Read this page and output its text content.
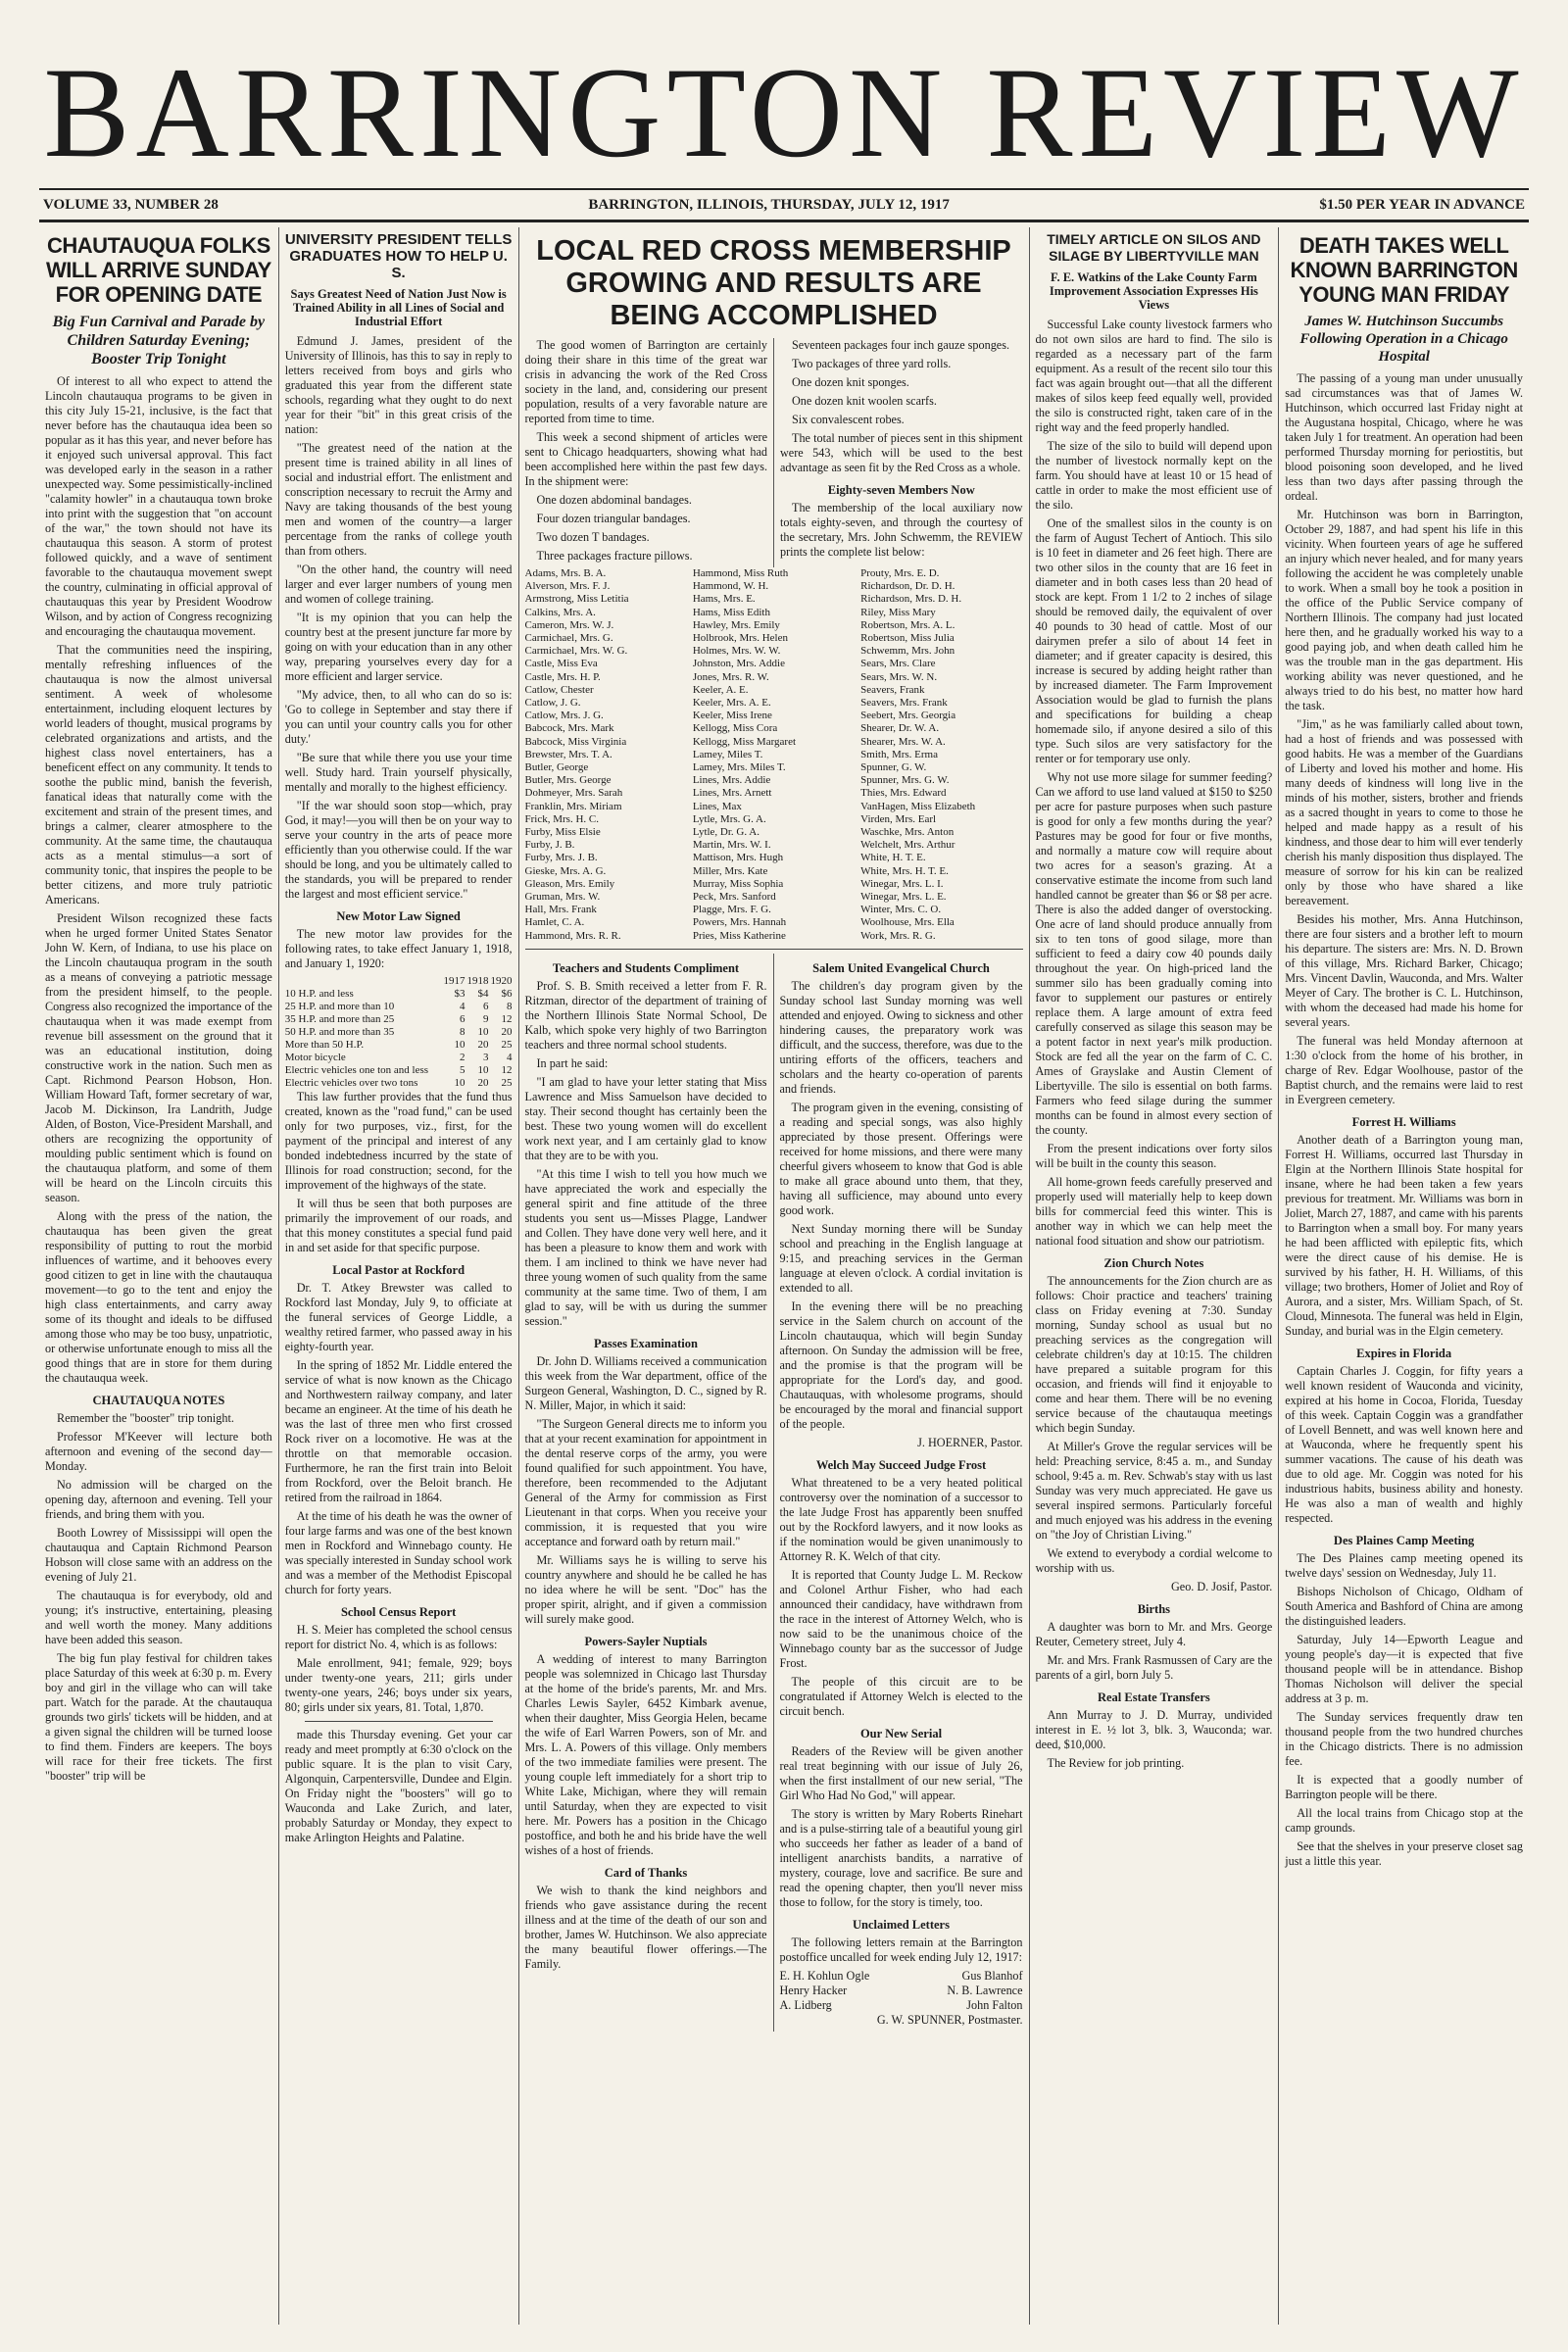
BARRINGTON REVIEW
VOLUME 33, NUMBER 28	BARRINGTON, ILLINOIS, THURSDAY, JULY 12, 1917	$1.50 PER YEAR IN ADVANCE
CHAUTAUQUA FOLKS WILL ARRIVE SUNDAY FOR OPENING DATE
Big Fun Carnival and Parade by Children Saturday Evening; Booster Trip Tonight

Of interest to all who expect to attend the Lincoln chautauqua programs to be given in this city July 15-21, inclusive, is the fact that never before has the chautauqua idea been so popular as it has this year, and never before has it enjoyed such universal approval. This fact was developed early in the season in a rather unexpected way. Some pessimistically-inclined "calamity howler" in a chautauqua town broke into print with the suggestion that "on account of the war," the town should not have its chautauqua this season. A storm of protest followed quickly, and a wave of sentiment favorable to the chautauqua movement swept the country, culminating in official approval of chautauquas this year by President Woodrow Wilson, and by action of Congress recognizing and encouraging the chautauqua movement.

That the communities need the inspiring, mentally refreshing influences of the chautauqua is now the almost universal sentiment. A week of wholesome entertainment, including eloquent lectures by world leaders of thought, musical programs by celebrated organizations and artists, and the highest class novel entertainers, has a beneficent effect on any community. It tends to soothe the public mind, banish the feverish, fanatical ideas that naturally come with the excitement and strain of the present times, and brings a calmer, clearer atmosphere to the community. At the same time, the chautauqua acts as a mental stimulus—a sort of community tonic, that inspires the people to be better citizens, and more truly patriotic Americans.

President Wilson recognized these facts when he urged former United States Senator John W. Kern, of Indiana, to use his place on the Lincoln chautauqua program in the south as a means of conveying a patriotic message from the president himself, to the people. Congress also recognized the importance of the chautauqua when it was made exempt from revenue bill assessment on the ground that it was an educational institution, doing constructive work in the nation. Such men as Capt. Richmond Pearson Hobson, Hon. William Howard Taft, former secretary of war, Jacob M. Dickinson, Ira Landrith, Judge Alden, of Boston, Vice-President Marshall, and others are recognizing the opportunity of moulding public sentiment which is found on the chautauqua platform, and some of them will be heard on the Lincoln circuits this season.

Along with the press of the nation, the chautauqua has been given the great responsibility of putting to rout the morbid influences of wartime, and it behooves every good citizen to get in line with the chautauqua movement—to go to the tent and enjoy the high class entertainments, and carry away some of its thought and ideals to be diffused among those who may be too busy, unpatriotic, or otherwise unfortunate enough to miss all the good things that are in store for them during the chautauqua week.

CHAUTAUQUA NOTES

Remember the "booster" trip tonight.

Professor M'Keever will lecture both afternoon and evening of the second day—Monday.

No admission will be charged on the opening day, afternoon and evening. Tell your friends, and bring them with you.

Booth Lowrey of Mississippi will open the chautauqua and Captain Richmond Pearson Hobson will close same with an address on the evening of July 21.

The chautauqua is for everybody, old and young; it's instructive, entertaining, pleasing and well worth the money. Many additions have been added this season.

The big fun play festival for children takes place Saturday of this week at 6:30 p. m. Every boy and girl in the village who can will take part. Watch for the parade. At the chautauqua grounds two girls' tickets will be hidden, and at a given signal the children will be turned loose to find them. Finders are keepers. The boys will race for their free tickets. The first "booster" trip will be

UNIVERSITY PRESIDENT TELLS GRADUATES HOW TO HELP U. S.
Says Greatest Need of Nation Just Now is Trained Ability in all Lines of Social and Industrial Effort

Edmund J. James, president of the University of Illinois, has this to say in reply to letters received from boys and girls who graduated this year from the different state schools, regarding what they ought to do next year for their "bit" in this great crisis of the nation:

"The greatest need of the nation at the present time is trained ability in all lines of social and industrial effort. The enlistment and conscription necessary to recruit the Army and Navy are taking thousands of the best young men and women of the country—a larger percentage from the ranks of college youth than from others.

"On the other hand, the country will need larger and ever larger numbers of young men and women of college training.

"It is my opinion that you can help the country best at the present juncture far more by going on with your education than in any other way, preparing yourselves every day for a more efficient and larger service.

"My advice, then, to all who can do so is: 'Go to college in September and stay there if you can until your country calls you for other duty.'

"Be sure that while there you use your time well. Study hard. Train yourself physically, mentally and morally to the highest efficiency.

"If the war should soon stop—which, pray God, it may!—you will then be on your way to serve your country in the arts of peace more efficiently than you otherwise could. If the war should be long, and you be ultimately called to the standards, you will be prepared to render the largest and most efficient service."

New Motor Law Signed

The new motor law provides for the following rates, to take effect January 1, 1918, and January 1, 1920:

	1917	1918	1920
10 H.P. and less	$3	$4	$6
25 H.P. and more than 10	4	6	8
35 H.P. and more than 25	6	9	12
50 H.P. and more than 35	8	10	20
More than 50 H.P.	10	20	25
Motor bicycle	2	3	4
Electric vehicles one ton and less	5	10	12
Electric vehicles over two tons	10	20	25

This law further provides that the fund thus created, known as the "road fund," can be used only for two purposes, viz., first, for the payment of the principal and interest of any bonded indebtedness incurred by the state of Illinois for road construction; second, for the improvement of the highways of the state.

It will thus be seen that both purposes are primarily the improvement of our roads, and that this money constitutes a special fund paid in and set aside for that specific purpose.

Local Pastor at Rockford

Dr. T. Atkey Brewster was called to Rockford last Monday, July 9, to officiate at the funeral services of George Liddle, a wealthy retired farmer, who passed away in his eighty-fourth year.

In the spring of 1852 Mr. Liddle entered the service of what is now known as the Chicago and Northwestern railway company, and later became an engineer. At the time of his death he was the last of three men who first crossed Rock river on a locomotive. He was at the throttle on that memorable occasion. Furthermore, he ran the first train into Beloit from Rockford, over the Beloit branch. He retired from the railroad in 1864.

At the time of his death he was the owner of four large farms and was one of the best known men in Rockford and Winnebago county. He was specially interested in Sunday school work and was a member of the Methodist Episcopal church for forty years.

School Census Report

H. S. Meier has completed the school census report for district No. 4, which is as follows:

Male enrollment, 941; female, 929; boys under twenty-one years, 211; girls under twenty-one years, 246; boys under six years, 80; girls under six years, 81. Total, 1,870.

made this Thursday evening. Get your car ready and meet promptly at 6:30 o'clock on the public square. It is the plan to visit Cary, Algonquin, Carpentersville, Dundee and Elgin. On Friday night the "boosters" will go to Wauconda and Lake Zurich, and later, probably Saturday or Monday, they expect to make Arlington Heights and Palatine.

LOCAL RED CROSS MEMBERSHIP GROWING AND RESULTS ARE BEING ACCOMPLISHED

The good women of Barrington are certainly doing their share in this time of the great war crisis in advancing the work of the Red Cross society in the land, and, considering our present population, results of a very favorable nature are reported from time to time.

This week a second shipment of articles were sent to Chicago headquarters, showing what had been accomplished here within the past few days. In the shipment were:

One dozen abdominal bandages.

Four dozen triangular bandages.

Two dozen T bandages.

Three packages fracture pillows.

Seventeen packages four inch gauze sponges.

Two packages of three yard rolls.

One dozen knit sponges.

One dozen knit woolen scarfs.

Six convalescent robes.

The total number of pieces sent in this shipment were 543, which will be used to the best advantage as seen fit by the Red Cross as a whole.

Eighty-seven Members Now

The membership of the local auxiliary now totals eighty-seven, and through the courtesy of the secretary, Mrs. John Schwemm, the REVIEW prints the complete list below:

Adams, Mrs. B. A.
Alverson, Mrs. F. J.
Armstrong, Miss Letitia
Calkins, Mrs. A.
Cameron, Mrs. W. J.
Carmichael, Mrs. G.
Carmichael, Mrs. W. G.
Castle, Miss Eva
Castle, Mrs. H. P.
Catlow, Chester
Catlow, J. G.
Catlow, Mrs. J. G.
Babcock, Mrs. Mark
Babcock, Miss Virginia
Brewster, Mrs. T. A.
Butler, George
Butler, Mrs. George
Dohmeyer, Mrs. Sarah
Franklin, Mrs. Miriam
Frick, Mrs. H. C.
Furby, Miss Elsie
Furby, J. B.
Furby, Mrs. J. B.
Gieske, Mrs. A. G.
Gleason, Mrs. Emily
Gruman, Mrs. W.
Hall, Mrs. Frank
Hamlet, C. A.
Hammond, Mrs. R. R.
Hammond, Miss Ruth
Hammond, W. H.
Hams, Mrs. E.
Hams, Miss Edith
Hawley, Mrs. Emily
Holbrook, Mrs. Helen
Holmes, Mrs. W. W.
Johnston, Mrs. Addie
Jones, Mrs. R. W.
Keeler, A. E.
Keeler, Mrs. A. E.
Keeler, Miss Irene
Kellogg, Miss Cora
Kellogg, Miss Margaret
Lamey, Miles T.
Lamey, Mrs. Miles T.
Lines, Mrs. Addie
Lines, Mrs. Arnett
Lines, Max
Lytle, Mrs. G. A.
Lytle, Dr. G. A.
Martin, Mrs. W. I.
Mattison, Mrs. Hugh
Miller, Mrs. Kate
Murray, Miss Sophia
Peck, Mrs. Sanford
Plagge, Mrs. F. G.
Powers, Mrs. Hannah
Pries, Miss Katherine
Prouty, Mrs. E. D.
Richardson, Dr. D. H.
Richardson, Mrs. D. H.
Riley, Miss Mary
Robertson, Mrs. A. L.
Robertson, Miss Julia
Schwemm, Mrs. John
Sears, Mrs. Clare
Sears, Mrs. W. N.
Seavers, Frank
Seavers, Mrs. Frank
Seebert, Mrs. Georgia
Shearer, Dr. W. A.
Shearer, Mrs. W. A.
Smith, Mrs. Erma
Spunner, G. W.
Spunner, Mrs. G. W.
Thies, Mrs. Edward
VanHagen, Miss Elizabeth
Virden, Mrs. Earl
Waschke, Mrs. Anton
Welchelt, Mrs. Arthur
White, H. T. E.
White, Mrs. H. T. E.
Winegar, Mrs. L. I.
Winegar, Mrs. L. E.
Winter, Mrs. C. O.
Woolhouse, Mrs. Ella
Work, Mrs. R. G.
Teachers and Students Compliment

Prof. S. B. Smith received a letter from F. R. Ritzman, director of the department of training of the Northern Illinois State Normal School, De Kalb, which spoke very highly of two Barrington teachers and three normal school students.

In part he said:

"I am glad to have your letter stating that Miss Lawrence and Miss Samuelson have decided to stay. Their second thought has certainly been the best. These two young women will do excellent work next year, and I am certainly glad to know that they are to be with you.

"At this time I wish to tell you how much we have appreciated the work and especially the general spirit and fine attitude of the three students you sent us—Misses Plagge, Landwer and Collen. They have done very well here, and it has been a pleasure to know them and work with them. I am inclined to think we have never had three young women of such quality from the same community at the same time. Two of them, I am glad to say, will be with us during the summer session."

Passes Examination

Dr. John D. Williams received a communication this week from the War department, office of the Surgeon General, Washington, D. C., signed by R. N. Miller, Major, in which it said:

"The Surgeon General directs me to inform you that at your recent examination for appointment in the dental reserve corps of the army, you were found qualified for such appointment. You have, therefore, been recommended to the Adjutant General of the Army for commission as First Lieutenant in that corps. When you receive your commission, it is requested that you wire acceptance and forward oath by return mail."

Mr. Williams says he is willing to serve his country anywhere and should he be called he has no idea where he will be sent. "Doc" has the proper spirit, alright, and if given a commission will surely make good.

Powers-Sayler Nuptials

A wedding of interest to many Barrington people was solemnized in Chicago last Thursday at the home of the bride's parents, Mr. and Mrs. Charles Lewis Sayler, 6452 Kimbark avenue, when their daughter, Miss Georgia Helen, became the wife of Earl Warren Powers, son of Mr. and Mrs. L. A. Powers of this village. Only members of the two immediate families were present. The young couple left immediately for a short trip to White Lake, Michigan, where they will remain until Saturday, when they are expected to visit here. Mr. Powers has a position in the Chicago postoffice, and both he and his bride have the well wishes of a host of friends.

Card of Thanks

We wish to thank the kind neighbors and friends who gave assistance during the recent illness and at the time of the death of our son and brother, James W. Hutchinson. We also appreciate the many beautiful flower offerings.—The Family.

Salem United Evangelical Church

The children's day program given by the Sunday school last Sunday morning was well attended and enjoyed. Owing to sickness and other hindering causes, the preparatory work was difficult, and the success, therefore, was due to the untiring efforts of the officers, teachers and scholars and the hearty co-operation of parents and friends.

The program given in the evening, consisting of a reading and special songs, was also highly appreciated by those present. Offerings were received for home missions, and there were many cheerful givers whoseem to know that God is able to make all grace abound unto them, that they, having all sufficience, may abound unto every good work.

Next Sunday morning there will be Sunday school and preaching in the English language at 9:15, and preaching services in the German language at eleven o'clock. A cordial invitation is extended to all.

In the evening there will be no preaching service in the Salem church on account of the Lincoln chautauqua, which will begin Sunday afternoon. On Sunday the admission will be free, and the promise is that the program will be appropriate for the Lord's day, and good. Chautauquas, with wholesome programs, should be encouraged by the moral and financial support of the people.

J. HOERNER, Pastor.

Welch May Succeed Judge Frost

What threatened to be a very heated political controversy over the nomination of a successor to the late Judge Frost has apparently been snuffed out by the Rockford lawyers, and it now looks as if the nomination would be given unanimously to Attorney R. K. Welch of that city.

It is reported that County Judge L. M. Reckow and Colonel Arthur Fisher, who had each announced their candidacy, have withdrawn from the race in the interest of Attorney Welch, who is now said to be the unanimous choice of the Winnebago county bar as the successor of Judge Frost.

The people of this circuit are to be congratulated if Attorney Welch is elected to the circuit bench.

Our New Serial

Readers of the Review will be given another real treat beginning with our issue of July 26, when the first installment of our new serial, "The Girl Who Had No God," will appear.

The story is written by Mary Roberts Rinehart and is a pulse-stirring tale of a beautiful young girl who succeeds her father as leader of a band of intelligent anarchists bandits, a narrative of mystery, courage, love and sacrifice. Be sure and read the opening chapter, then you'll never miss those to follow, for the story is timely, too.

Unclaimed Letters

The following letters remain at the Barrington postoffice uncalled for week ending July 12, 1917:

E. H. Kohlun Ogle	Gus Blanhof
Henry Hacker	N. B. Lawrence
A. Lidberg	John Falton

G. W. SPUNNER, Postmaster.

TIMELY ARTICLE ON SILOS AND SILAGE BY LIBERTYVILLE MAN
F. E. Watkins of the Lake County Farm Improvement Association Expresses His Views

Successful Lake county livestock farmers who do not own silos are hard to find. The silo is regarded as a necessary part of the farm equipment. As a result of the recent silo tour this fact was again brought out—that all the different makes of silos keep feed equally well, provided the silo is constructed right, taken care of in the right way and the feed properly handled.

The size of the silo to build will depend upon the number of livestock normally kept on the farm. You should have at least 10 or 15 head of cattle in order to make the most efficient use of the silo.

One of the smallest silos in the county is on the farm of August Techert of Antioch. This silo is 10 feet in diameter and 26 feet high. There are two other silos in the county that are 16 feet in diameter and in both cases less than 20 head of stock are kept. From 1 1/2 to 2 inches of silage should be removed daily, the equivalent of over 40 pounds to 30 head of cattle. Most of our dairymen prefer a silo of about 14 feet in diameter; and if greater capacity is desired, this increase is secured by adding height rather than by increased diameter. The Farm Improvement Association would be glad to furnish the plans and specifications for building a cheap homemade silo, if anyone desired a silo of this type. Such silos are very satisfactory for the renter or for temporary use only.

Why not use more silage for summer feeding? Can we afford to use land valued at $150 to $250 per acre for pasture purposes when such pasture is good for only a few months during the year? Pastures may be good for four or five months, and normally a mature cow will require about two acres for a season's grazing. At a conservative estimate the income from such land handled cannot be greater than $6 or $8 per acre. There is also the added danger of overstocking. One acre of land should produce annually from six to ten tons of good silage, more than sufficient to feed a dairy cow 40 pounds daily throughout the year. On high-priced land the summer silo has been gradually coming into favor to supplement our pastures or entirely replace them. A large amount of extra feed carefully conserved as silage this season may be a potent factor in next year's milk production. Stock are fed all the year on the farm of C. C. Ames of Grayslake and Austin Clement of Libertyville. The silo is essential on both farms. Farmers who feed silage during the summer months can be found in almost every section of the county.

From the present indications over forty silos will be built in the county this season.

All home-grown feeds carefully preserved and properly used will materially help to keep down bills for commercial feed this winter. This is another way in which we can help meet the national food situation and show our patriotism.

Zion Church Notes

The announcements for the Zion church are as follows: Choir practice and teachers' training class on Friday evening at 7:30. Sunday morning, Sunday school as usual but no preaching services as the congregation will celebrate children's day at 10:15. The children have prepared a suitable program for this occasion, and friends will find it enjoyable to come and hear them. There will be no evening service because of the chautauqua meetings which begin Sunday.

At Miller's Grove the regular services will be held: Preaching service, 8:45 a. m., and Sunday school, 9:45 a. m. Rev. Schwab's stay with us last Sunday was very much appreciated. He gave us several inspired sermons. Particularly forceful and much enjoyed was his address in the evening on "the Joy of Christian Living."

We extend to everybody a cordial welcome to worship with us.

Geo. D. Josif, Pastor.

Births

A daughter was born to Mr. and Mrs. George Reuter, Cemetery street, July 4.

Mr. and Mrs. Frank Rasmussen of Cary are the parents of a girl, born July 5.

Real Estate Transfers

Ann Murray to J. D. Murray, undivided interest in E. ½ lot 3, blk. 3, Wauconda; war. deed, $10,000.

The Review for job printing.

DEATH TAKES WELL KNOWN BARRINGTON YOUNG MAN FRIDAY
James W. Hutchinson Succumbs Following Operation in a Chicago Hospital

The passing of a young man under unusually sad circumstances was that of James W. Hutchinson, which occurred last Friday night at the Augustana hospital, Chicago, where he was taken July 1 for treatment. An operation had been performed Thursday morning for periostitis, but blood poisoning soon developed, and he lived less than two days after passing through the ordeal.

Mr. Hutchinson was born in Barrington, October 29, 1887, and had spent his life in this vicinity. When fourteen years of age he suffered an injury which never healed, and for many years following the accident he was completely unable to work. When a small boy he took a position in the office of the Public Service company of Northern Illinois. The company had just located here then, and he gradually worked his way to a good paying job, and when death called him he was the trouble man in the gas department. His working ability was never questioned, and he always tried to do his best, no matter how hard the task.

"Jim," as he was familiarly called about town, had a host of friends and was possessed with good habits. He was a member of the Guardians of Liberty and loved his mother and home. His many deeds of kindness will long live in the minds of his mother, sisters, brother and friends as a sacred thought in years to come to those he helped and made happy as a result of his kindness, and those dear to him will ever tenderly cherish his manly disposition thus displayed. The measure of sorrow for his kin can be realized only by those who have shared a like bereavement.

Besides his mother, Mrs. Anna Hutchinson, there are four sisters and a brother left to mourn his departure. The sisters are: Mrs. N. D. Brown of this village, Mrs. Richard Barker, Chicago; Mrs. Vincent Davlin, Wauconda, and Mrs. Walter Meyer of Cary. The brother is C. L. Hutchinson, with whom the deceased had made his home for several years.

The funeral was held Monday afternoon at 1:30 o'clock from the home of his brother, in charge of Rev. Edgar Woolhouse, pastor of the Baptist church, and the remains were laid to rest in Evergreen cemetery.

Forrest H. Williams

Another death of a Barrington young man, Forrest H. Williams, occurred last Thursday in Elgin at the Northern Illinois State hospital for insane, where he had been taken a few years previous for treatment. Mr. Williams was born in Joliet, March 27, 1887, and came with his parents to Barrington when a small boy. For many years he had been afflicted with epileptic fits, which were the direct cause of his demise. He is survived by his father, H. H. Williams, of this village; two brothers, Homer of Joliet and Roy of Aurora, and a sister, Mrs. William Spach, of St. Cloud, Minnesota. The funeral was held in Elgin, Sunday, and burial was in the Elgin cemetery.

Expires in Florida

Captain Charles J. Coggin, for fifty years a well known resident of Wauconda and vicinity, expired at his home in Cocoa, Florida, Tuesday of this week. Captain Coggin was a grandfather of Lovell Bennett, and was well known here and at Wauconda, where he frequently spent his summer vacations. The cause of his death was due to old age. Mr. Coggin was noted for his industrious habits, business ability and honesty. He was also a man of wealth and highly respected.

Des Plaines Camp Meeting

The Des Plaines camp meeting opened its twelve days' session on Wednesday, July 11.

Bishops Nicholson of Chicago, Oldham of South America and Bashford of China are among the distinguished leaders.

Saturday, July 14—Epworth League and young people's day—it is expected that five thousand people will be in attendance. Bishop Thomas Nicholson will deliver the special address at 3 p. m.

The Sunday services frequently draw ten thousand people from the two hundred churches in the Chicago districts. There is no admission fee.

It is expected that a goodly number of Barrington people will be there.

All the local trains from Chicago stop at the camp grounds.

See that the shelves in your preserve closet sag just a little this year.
